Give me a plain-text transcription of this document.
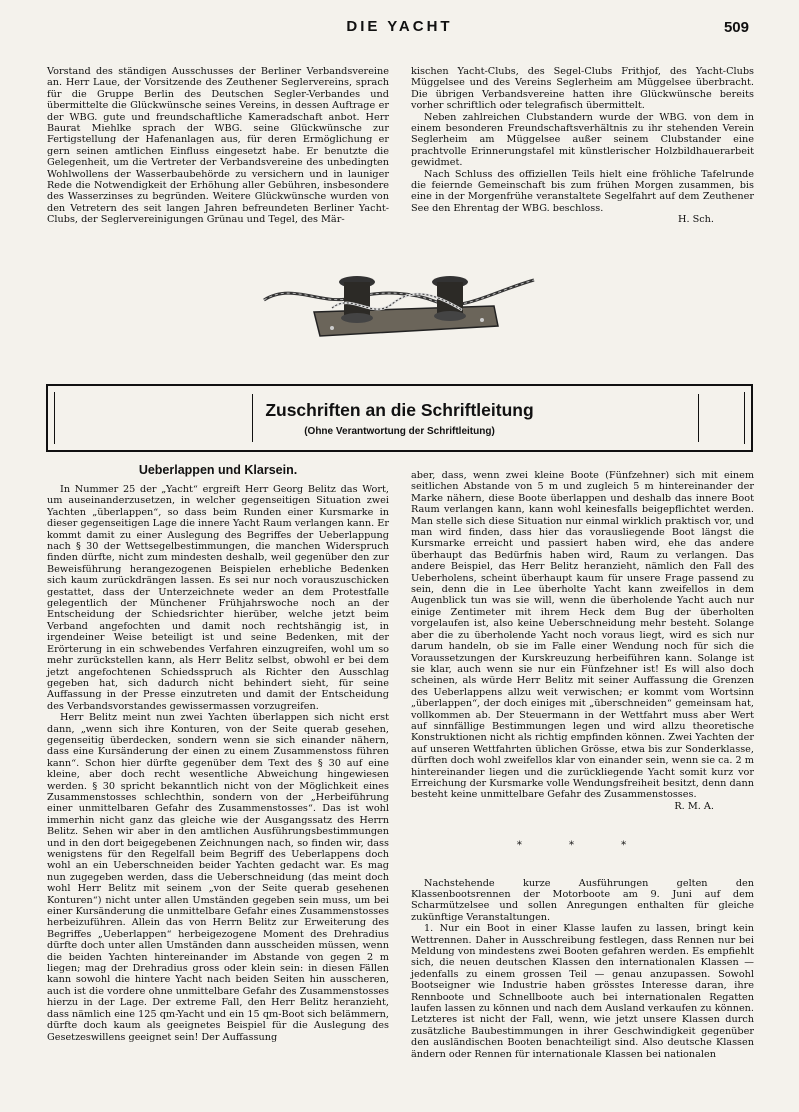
DIE YACHT	509

Vorstand des ständigen Ausschusses der Berliner Verbandsvereine an. Herr Laue, der Vorsitzende des Zeuthener Seglervereins, sprach für die Gruppe Berlin des Deutschen Segler-Verbandes und übermittelte die Glückwünsche seines Vereins, in dessen Auftrage er der WBG. gute und freundschaftliche Kameradschaft anbot. Herr Baurat Miehlke sprach der WBG. seine Glückwünsche zur Fertigstellung der Hafenanlagen aus, für deren Ermöglichung er gern seinen amtlichen Einfluss eingesetzt habe. Er benutzte die Gelegenheit, um die Vertreter der Verbandsvereine des unbedingten Wohlwollens der Wasserbaubehörde zu versichern und in launiger Rede die Notwendigkeit der Erhöhung aller Gebühren, insbesondere des Wasserzinses zu begründen. Weitere Glückwünsche wurden von den Vetretern des seit langen Jahren befreundeten Berliner Yacht-Clubs, der Seglervereinigungen Grünau und Tegel, des Mär-

kischen Yacht-Clubs, des Segel-Clubs Frithjof, des Yacht-Clubs Müggelsee und des Vereins Seglerheim am Müggelsee überbracht. Die übrigen Verbandsvereine hatten ihre Glückwünsche bereits vorher schriftlich oder telegrafisch übermittelt.

Neben zahlreichen Clubstandern wurde der WBG. von dem in einem besonderen Freundschaftsverhältnis zu ihr stehenden Verein Seglerheim am Müggelsee außer seinem Clubstander eine prachtvolle Erinnerungstafel mit künstlerischer Holzbildhauerarbeit gewidmet.

Nach Schluss des offiziellen Teils hielt eine fröhliche Tafelrunde die feiernde Gemeinschaft bis zum frühen Morgen zusammen, bis eine in der Morgenfrühe veranstaltete Segelfahrt auf dem Zeuthener See den Ehrentag der WBG. beschloss.

H. Sch.

Zuschriften an die Schriftleitung
(Ohne Verantwortung der Schriftleitung)
Ueberlappen und Klarsein.

In Nummer 25 der „Yacht“ ergreift Herr Georg Belitz das Wort, um auseinanderzusetzen, in welcher gegenseitigen Situation zwei Yachten „überlappen“, so dass beim Runden einer Kursmarke in dieser gegenseitigen Lage die innere Yacht Raum verlangen kann. Er kommt damit zu einer Auslegung des Begriffes der Ueberlappung nach § 30 der Wettsegelbestimmungen, die manchen Widerspruch finden dürfte, nicht zum mindesten deshalb, weil gegenüber den zur Beweisführung herangezogenen Beispielen erhebliche Bedenken sich kaum zurückdrängen lassen. Es sei nur noch vorauszuschicken gestattet, dass der Unterzeichnete weder an dem Protestfalle gelegentlich der Münchener Frühjahrswoche noch an der Entscheidung der Schiedsrichter hierüber, welche jetzt beim Verband angefochten und damit noch rechtshängig ist, in irgendeiner Weise beteiligt ist und seine Bedenken, mit der Erörterung in ein schwebendes Verfahren einzugreifen, wohl um so mehr zurückstellen kann, als Herr Belitz selbst, obwohl er bei dem jetzt angefochtenen Schiedsspruch als Richter den Ausschlag gegeben hat, sich dadurch nicht behindert sieht, für seine Auffassung in der Presse einzutreten und damit der Entscheidung des Verbandsvorstandes gewissermassen vorzugreifen.

Herr Belitz meint nun zwei Yachten überlappen sich nicht erst dann, „wenn sich ihre Konturen, von der Seite querab gesehen, gegenseitig überdecken, sondern wenn sie sich einander nähern, dass eine Kursänderung der einen zu einem Zusammenstoss führen kann“. Schon hier dürfte gegenüber dem Text des § 30 auf eine kleine, aber doch recht wesentliche Abweichung hingewiesen werden. § 30 spricht bekanntlich nicht von der Möglichkeit eines Zusammenstosses schlechthin, sondern von der „Herbeiführung einer unmittelbaren Gefahr des Zusammenstosses“. Das ist wohl immerhin nicht ganz das gleiche wie der Ausgangssatz des Herrn Belitz. Sehen wir aber in den amtlichen Ausführungsbestimmungen und in den dort beigegebenen Zeichnungen nach, so finden wir, dass wenigstens für den Regelfall beim Begriff des Ueberlappens doch wohl an ein Ueberschneiden beider Yachten gedacht war. Es mag nun zugegeben werden, dass die Ueberschneidung (das meint doch wohl Herr Belitz mit seinem „von der Seite querab gesehenen Konturen“) nicht unter allen Umständen gegeben sein muss, um bei einer Kursänderung die unmittelbare Gefahr eines Zusammenstosses herbeizuführen. Allein das von Herrn Belitz zur Erweiterung des Begriffes „Ueberlappen“ herbeigezogene Moment des Drehradius dürfte doch unter allen Umständen dann ausscheiden müssen, wenn die beiden Yachten hintereinander im Abstande von gegen 2 m liegen; mag der Drehradius gross oder klein sein: in diesen Fällen kann sowohl die hintere Yacht nach beiden Seiten hin ausscheren, auch ist die vordere ohne unmittelbare Gefahr des Zusammenstosses hierzu in der Lage. Der extreme Fall, den Herr Belitz heranzieht, dass nämlich eine 125 qm-Yacht und ein 15 qm-Boot sich belämmern, dürfte doch kaum als geeignetes Beispiel für die Auslegung des Gesetzeswillens geeignet sein! Der Auffassung

aber, dass, wenn zwei kleine Boote (Fünfzehner) sich mit einem seitlichen Abstande von 5 m und zugleich 5 m hintereinander der Marke nähern, diese Boote überlappen und deshalb das innere Boot Raum verlangen kann, kann wohl keinesfalls beigepflichtet werden. Man stelle sich diese Situation nur einmal wirklich praktisch vor, und man wird finden, dass hier das vorausliegende Boot längst die Kursmarke erreicht und passiert haben wird, ehe das andere überhaupt das Bedürfnis haben wird, Raum zu verlangen. Das andere Beispiel, das Herr Belitz heranzieht, nämlich den Fall des Ueberholens, scheint überhaupt kaum für unsere Frage passend zu sein, denn die in Lee überholte Yacht kann zweifellos in dem Augenblick tun was sie will, wenn die überholende Yacht auch nur einige Zentimeter mit ihrem Heck dem Bug der überholten vorgelaufen ist, also keine Ueberschneidung mehr besteht. Solange aber die zu überholende Yacht noch voraus liegt, wird es sich nur darum handeln, ob sie im Falle einer Wendung noch für sich die Voraussetzungen der Kurskreuzung herbeiführen kann. Solange ist sie klar, auch wenn sie nur ein Fünfzehner ist! Es will also doch scheinen, als würde Herr Belitz mit seiner Auffassung die Grenzen des Ueberlappens allzu weit verwischen; er kommt vom Wortsinn „überlappen“, der doch einiges mit „überschneiden“ gemeinsam hat, vollkommen ab. Der Steuermann in der Wettfahrt muss aber Wert auf sinnfällige Bestimmungen legen und wird allzu theoretische Konstruktionen nicht als richtig empfinden können. Zwei Yachten der auf unseren Wettfahrten üblichen Grösse, etwa bis zur Sonderklasse, dürften doch wohl zweifellos klar von einander sein, wenn sie ca. 2 m hintereinander liegen und die zurückliegende Yacht somit kurz vor Erreichung der Kursmarke volle Wendungsfreiheit besitzt, denn dann besteht keine unmittelbare Gefahr des Zusammenstosses.

R. M. A.

* * *

Nachstehende kurze Ausführungen gelten den Klassenbootsrennen der Motorboote am 9. Juni auf dem Scharmützelsee und sollen Anregungen enthalten für gleiche zukünftige Veranstaltungen.

1. Nur ein Boot in einer Klasse laufen zu lassen, bringt kein Wettrennen. Daher in Ausschreibung festlegen, dass Rennen nur bei Meldung von mindestens zwei Booten gefahren werden. Es empfiehlt sich, die neuen deutschen Klassen den internationalen Klassen — jedenfalls zu einem grossen Teil — genau anzupassen. Sowohl Bootseigner wie Industrie haben grösstes Interesse daran, ihre Rennboote und Schnellboote auch bei internationalen Regatten laufen lassen zu können und nach dem Ausland verkaufen zu können. Letzteres ist nicht der Fall, wenn, wie jetzt unsere Klassen durch zusätzliche Baubestimmungen in ihrer Geschwindigkeit gegenüber den ausländischen Booten benachteiligt sind. Also deutsche Klassen ändern oder Rennen für internationale Klassen bei nationalen
